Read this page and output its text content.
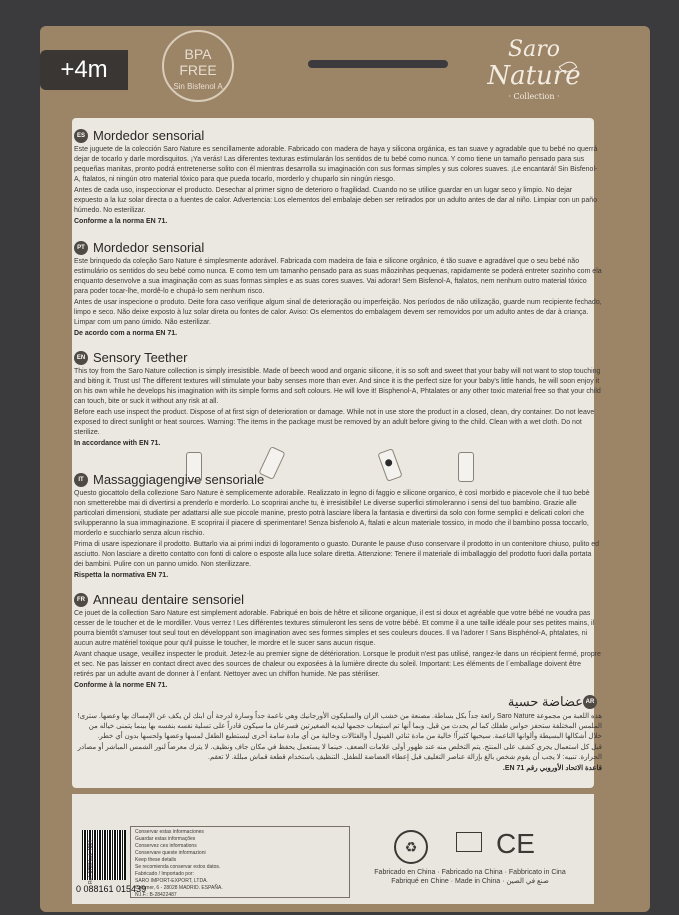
+4m
BPA
FREE
Sin Bisfenol A
Saro
Nature
· Collection ·
ES Mordedor sensorial

Este juguete de la colección Saro Nature es sencillamente adorable. Fabricado con madera de haya y silicona orgánica, es tan suave y agradable que tu bebé no querrá dejar de tocarlo y darle mordisquitos. ¡Ya verás! Las diferentes texturas estimularán los sentidos de tu bebé como nunca. Y como tiene un tamaño pensado para sus pequeñas manitas, pronto podrá entretenerse solito con él mientras desarrolla su imaginación con sus formas simples y sus colores suaves. ¡Le encantará! Sin Bisfenol-A, ftalatos, ni ningún otro material tóxico para que pueda tocarlo, morderlo y chuparlo sin ningún riesgo.

Antes de cada uso, inspeccionar el producto. Desechar al primer signo de deterioro o fragilidad. Cuando no se utilice guardar en un lugar seco y limpio. No dejar expuesto a la luz solar directa o a fuentes de calor. Advertencia: Los elementos del embalaje deben ser retirados por un adulto antes de dar al niño. Limpiar con un paño húmedo. No esterilizar.

Conforme a la norma EN 71.
PT Mordedor sensorial

Este brinquedo da coleção Saro Nature é simplesmente adorável. Fabricada com madeira de faia e silicone orgânico, é tão suave e agradável que o seu bebé não estimulário os sentidos do seu bebé como nunca. E como tem um tamanho pensado para as suas mãozinhas pequenas, rapidamente se poderá entreter sozinho com ela enquanto desenvolve a sua imaginação com as suas formas simples e as suas cores suaves. Vai adorar! Sem Bisfenol-A, ftalatos, nem nenhum outro material tóxico para poder tocar-lhe, mordê-lo e chupá-lo sem nenhum risco.

Antes de usar inspecione o produto. Deite fora caso verifique algum sinal de deterioração ou imperfeição. Nos períodos de não utilização, guarde num recipiente fechado, limpo e seco. Não deixe exposto à luz solar direta ou fontes de calor. Aviso: Os elementos do embalagem devem ser removidos por um adulto antes de dar à criança. Limpar com um pano úmido. Não esterilizar.

De acordo com a norma EN 71.
EN Sensory Teether

This toy from the Saro Nature collection is simply irresistible. Made of beech wood and organic silicone, it is so soft and sweet that your baby will not want to stop touching and biting it. Trust us! The different textures will stimulate your baby senses more than ever. And since it is the perfect size for your baby's little hands, he will soon enjoy it on his own while he develops his imagination with its simple forms and soft colours. He will love it! Bisphenol-A, Phtalates or any other toxic material free so that your child can touch, bite or suck it without any risk at all.

Before each use inspect the product. Dispose of at first sign of deterioration or damage. While not in use store the product in a closed, clean, dry container. Do not leave exposed to direct sunlight or heat sources. Warning: The items in the package must be removed by an adult before giving to the child. Clean with a wet cloth. Do not sterilize.

In accordance with EN 71.
IT Massaggiagengive sensoriale

Questo giocattolo della collezione Saro Nature è semplicemente adorabile. Realizzato in legno di faggio e silicone organico, è così morbido e piacevole che il tuo bebè non smetterebbe mai di divertirsi a prenderlo e morderlo. Lo scoprirai anche tu, è irresistibile! Le diverse superfici stimoleranno i sensi del tuo bambino. Grazie alle particolari dimensioni, studiate per adattarsi alle sue piccole manine, presto potrà lasciare libera la fantasia e divertirsi da solo con forme semplici e delicati colori che svilupperanno la sua immaginazione. E scoprirai il piacere di sperimentare! Senza bisfenolo A, ftalati e alcun materiale tossico, in modo che il bambino possa toccarlo, morderlo e succhiarlo senza alcun rischio.

Prima di usare ispezionare il prodotto. Buttarlo via ai primi indizi di logoramento o guasto. Durante le pause d'uso conservare il prodotto in un contenitore chiuso, pulito ed asciutto. Non lasciare a diretto contatto con fonti di calore o esposte alla luce solare diretta. Attenzione: Tenere il materiale di imballaggio del prodotto fuori dalla portata dei bambini. Pulire con un panno umido. Non sterilizzare.

Rispetta la normativa EN 71.
FR Anneau dentaire sensoriel

Ce jouet de la collection Saro Nature est simplement adorable. Fabriqué en bois de hêtre et silicone organique, il est si doux et agréable que votre bébé ne voudra pas cesser de le toucher et de le mordiller. Vous verrez ! Les différentes textures stimuleront les sens de votre bébé. Et comme il a une taille idéale pour ses petites mains, il pourra bientôt s'amuser tout seul tout en développant son imagination avec ses formes simples et ses couleurs douces. Il va l'adorer ! Sans Bisphénol-A, phtalates, ni aucun autre matériel toxique pour qu'il puisse le toucher, le mordre et le sucer sans aucun risque.

Avant chaque usage, veuillez inspecter le produit. Jetez-le au premier signe de détérioration. Lorsque le produit n'est pas utilisé, rangez-le dans un récipient fermé, propre et sec. Ne pas laisser en contact direct avec des sources de chaleur ou exposées à la lumière directe du soleil. Important: Les éléments de l´emballage doivent être retirés par un adulte avant de donner à l´enfant. Nettoyer avec un chiffon humide. Ne pas stériliser.

Conforme à la norme EN 71.
AR
عضاضة حسية

هذه اللعبة من مجموعة Saro Nature رائعة جداً بكل بساطة. مصنعة من خشب الزان والسليكون الأورجانيك وهي ناعمة جداً وسارة لدرجة أن ابنك لن يكف عن الإمساك بها وعضها. سترى! الملمس المختلفة ستحفز حواس طفلك كما لم يحدث من قبل. وبما أنها تم استيعاب حجمها ليديه الصغيرتين فسرعان ما سيكون قادراً على تسلية نفسه بنفسه بها بينما يتمنى خياله من خلال أشكالها البسيطة وألوانها الناعمة. سيحبها كثيراً! خالية من مادة ثنائي الفينول أ والفثالات وخالية من أي مادة سامة أخرى ليستطيع الطفل لمسها وعضها ولحسها بدون أي خطر.

قبل كل استعمال يجري كشف على المنتج. يتم التخلص منه عند ظهور أولى علامات الضعف. حينما لا يستعمل يحفظ في مكان جاف ونظيف. لا يترك معرضاً لنور الشمس المباشر أو مصادر الحرارة. تنبيه: لا يجب أن يقوم شخص بالغ بإزالة عناصر التغليف قبل إعطاء العضاضة للطفل. التنظيف باستخدام قطعة قماش مبللة. لا تعقم.

قاعدة الاتحاد الأوروبي رقم EN 71.
0 088161 015439
Ref. 1720 Lot. 4554
Conservar estas informaciones
Guardar estas informações
Conservez ces informations
Conservare queste informazioni
Keep these details
Se recomienda conservar estos datos.
Fabricado / Importado por:
SARO IMPORT-EXPORT, LTDA.
Colomer, 6 - 28028 MADRID. ESPAÑA.
N.I.F.: B-28422487
♻	CE
Fabricado en China · Fabricado na China · Fabbricato in Cina
Fabriqué en Chine · Made in China · صنع في الصين
